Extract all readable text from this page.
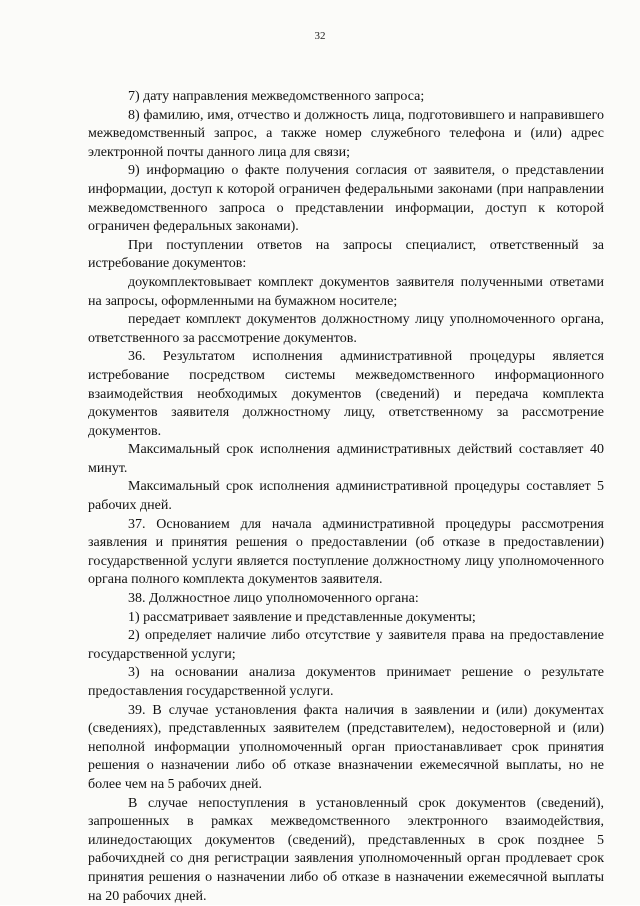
32

7) дату направления межведомственного запроса;

8) фамилию, имя, отчество и должность лица, подготовившего и направившего межведомственный запрос, а также номер служебного телефона и (или) адрес электронной почты данного лица для связи;

9) информацию о факте получения согласия от заявителя, о представлении информации, доступ к которой ограничен федеральными законами (при направлении межведомственного запроса о представлении информации, доступ к которой ограничен федеральных законами).

При поступлении ответов на запросы специалист, ответственный за истребование документов:

доукомплектовывает комплект документов заявителя полученными ответами на запросы, оформленными на бумажном носителе;

передает комплект документов должностному лицу уполномоченного органа, ответственного за рассмотрение документов.

36. Результатом исполнения административной процедуры является истребование посредством системы межведомственного информационного взаимодействия необходимых документов (сведений) и передача комплекта документов заявителя должностному лицу, ответственному за рассмотрение документов.

Максимальный срок исполнения административных действий составляет 40 минут.

Максимальный срок исполнения административной процедуры составляет 5 рабочих дней.

37. Основанием для начала административной процедуры рассмотрения заявления и принятия решения о предоставлении (об отказе в предоставлении) государственной услуги является поступление должностному лицу уполномоченного органа полного комплекта документов заявителя.

38. Должностное лицо уполномоченного органа:

1) рассматривает заявление и представленные документы;

2) определяет наличие либо отсутствие у заявителя права на предоставление государственной услуги;

3) на основании анализа документов принимает решение о результате предоставления государственной услуги.

39. В случае установления факта наличия в заявлении и (или) документах (сведениях), представленных заявителем (представителем), недостоверной и (или) неполной информации уполномоченный орган приостанавливает срок принятия решения о назначении либо об отказе вназначении ежемесячной выплаты, но не более чем на 5 рабочих дней.

В случае непоступления в установленный срок документов (сведений), запрошенных в рамках межведомственного электронного взаимодействия, илинедостающих документов (сведений), представленных в срок позднее 5 рабочихдней со дня регистрации заявления уполномоченный орган продлевает срок принятия решения о назначении либо об отказе в назначении ежемесячной выплаты на 20 рабочих дней.
